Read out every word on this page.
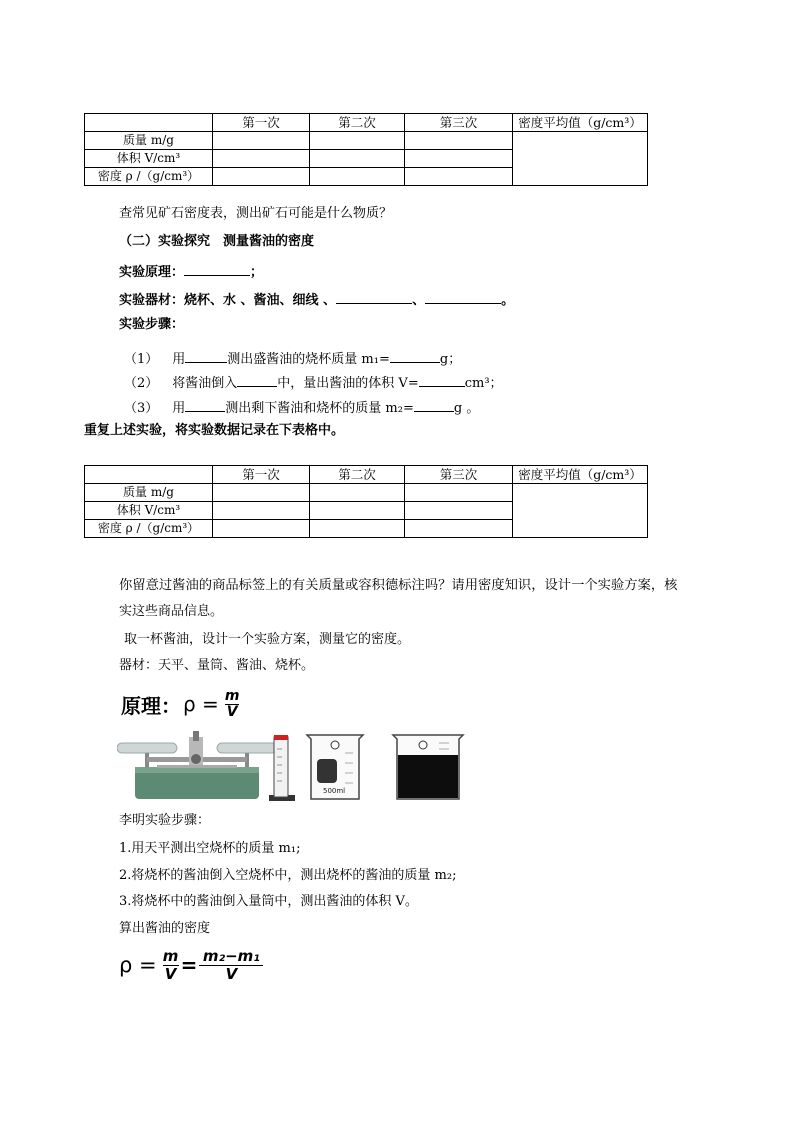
	第一次	第二次	第三次	密度平均值（g/cm³）
质量 m/g				
体积 V/cm³				
密度 ρ /（g/cm³）				
查常见矿石密度表，测出矿石可能是什么物质？
（二）实验探究　测量酱油的密度
实验原理：	；
实验器材：烧杯、水 、酱油、细线 、	、	。
实验步骤：
（1） 用	测出盛酱油的烧杯质量 m₁=	g；
（2） 将酱油倒入	中，量出酱油的体积 V=	cm³；
（3） 用	测出剩下酱油和烧杯的质量 m₂=	g 。
重复上述实验，将实验数据记录在下表格中。
	第一次	第二次	第三次	密度平均值（g/cm³）
质量 m/g				
体积 V/cm³				
密度 ρ /（g/cm³）				
你留意过酱油的商品标签上的有关质量或容积德标注吗？请用密度知识，设计一个实验方案，核
实这些商品信息。
取一杯酱油，设计一个实验方案，测量它的密度。
器材：天平、量筒、酱油、烧杯。
原理： ρ = m
V
500ml
李明实验步骤：
1.用天平测出空烧杯的质量 m₁;
2.将烧杯的酱油倒入空烧杯中，测出烧杯的酱油的质量 m₂;
3.将烧杯中的酱油倒入量筒中，测出酱油的体积 V。
算出酱油的密度
ρ = m
V = m₂−m₁
V
